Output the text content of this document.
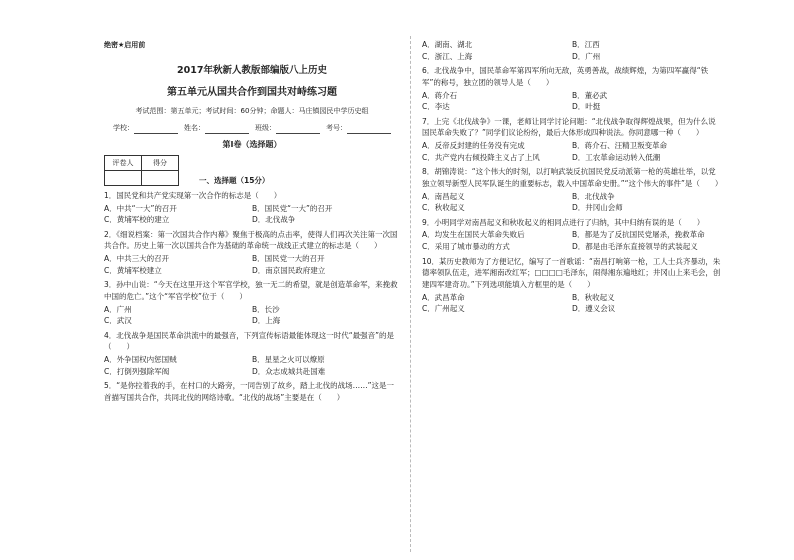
绝密★启用前
2017年秋新人教版部编版八上历史
第五单元从国共合作到国共对峙练习题
考试范围：第五单元；考试时间：60分钟；命题人：马庄镇园民中学历史组
学校：	姓名：	班级：	考号：
第Ⅰ卷（选择题）
评卷人	得分

一、选择题（15分）
1．国民党和共产党实现第一次合作的标志是（　　）
A．中共“一大”的召开	B．国民党“一大”的召开
C．黄埔军校的建立	D．北伐战争
2．《细说档案：第一次国共合作内幕》聚焦于极高的点击率，使得人们再次关注第一次国共合作。历史上第一次以国共合作为基础的革命统一战线正式建立的标志是（　　）
A．中共三大的召开	B．国民党一大的召开
C．黄埔军校建立	D．南京国民政府建立
3．孙中山说：“今天在这里开这个军官学校，独一无二的希望，就是创造革命军，来挽救中国的危亡。”这个“军官学校”位于（　　）
A．广州	B．长沙
C．武汉	D．上海
4．北伐战争是国民革命洪流中的最强音，下列宣传标语最能体现这一时代“最强音”的是（　　）
A．外争国权内惩国贼	B．星星之火可以燎原
C．打倒列强除军阀	D．众志成城共赴国难
5．“是你拉着我的手，在村口的大路旁，一同告别了故乡，踏上北伐的战场……”这是一首描写国共合作，共同北伐的网络诗歌。“北伐的战场”主要是在（　　）
A．湖南、湖北	B．江西
C．浙江、上海	D．广州
6．北伐战争中，国民革命军第四军所向无敌，英勇善战，战绩辉煌，为第四军赢得“铁军”的称号，独立团的领导人是（　　）
A．蒋介石	B．董必武
C．李达	D．叶挺
7．上完《北伐战争》一课，老师让同学讨论问题：“北伐战争取得辉煌战果，但为什么说国民革命失败了？”同学们议论纷纷，最后大体形成四种说法。你同意哪一种（　　）
A．反帝反封建的任务没有完成	B．蒋介石、汪精卫叛变革命
C．共产党内右倾投降主义占了上风	D．工农革命运动转入低潮
8．胡锦涛说：“这个伟大的时刻，以打响武装反抗国民党反动派第一枪的英雄壮举，以党独立领导新型人民军队诞生的重要标志，载入中国革命史册。”“这个伟大的事件”是（　　）
A．南昌起义	B．北伐战争
C．秋收起义	D．井冈山会师
9．小明同学对南昌起义和秋收起义的相同点进行了归纳，其中归纳有误的是（　　）
A．均发生在国民大革命失败后	B．都是为了反抗国民党屠杀，挽救革命
C．采用了城市暴动的方式	D．都是由毛泽东直接领导的武装起义
10．某历史教师为了方便记忆，编写了一首歌谣：“南昌打响第一枪，工人士兵齐暴动，朱德率领队伍走，进军湘南改红军；□□□□毛泽东，闹得湘东遍地红；井冈山上来毛会，创建四军建奇功。”下列选项能填入方框里的是（　　）
A．武昌革命	B．秋收起义
C．广州起义	D．遵义会议
